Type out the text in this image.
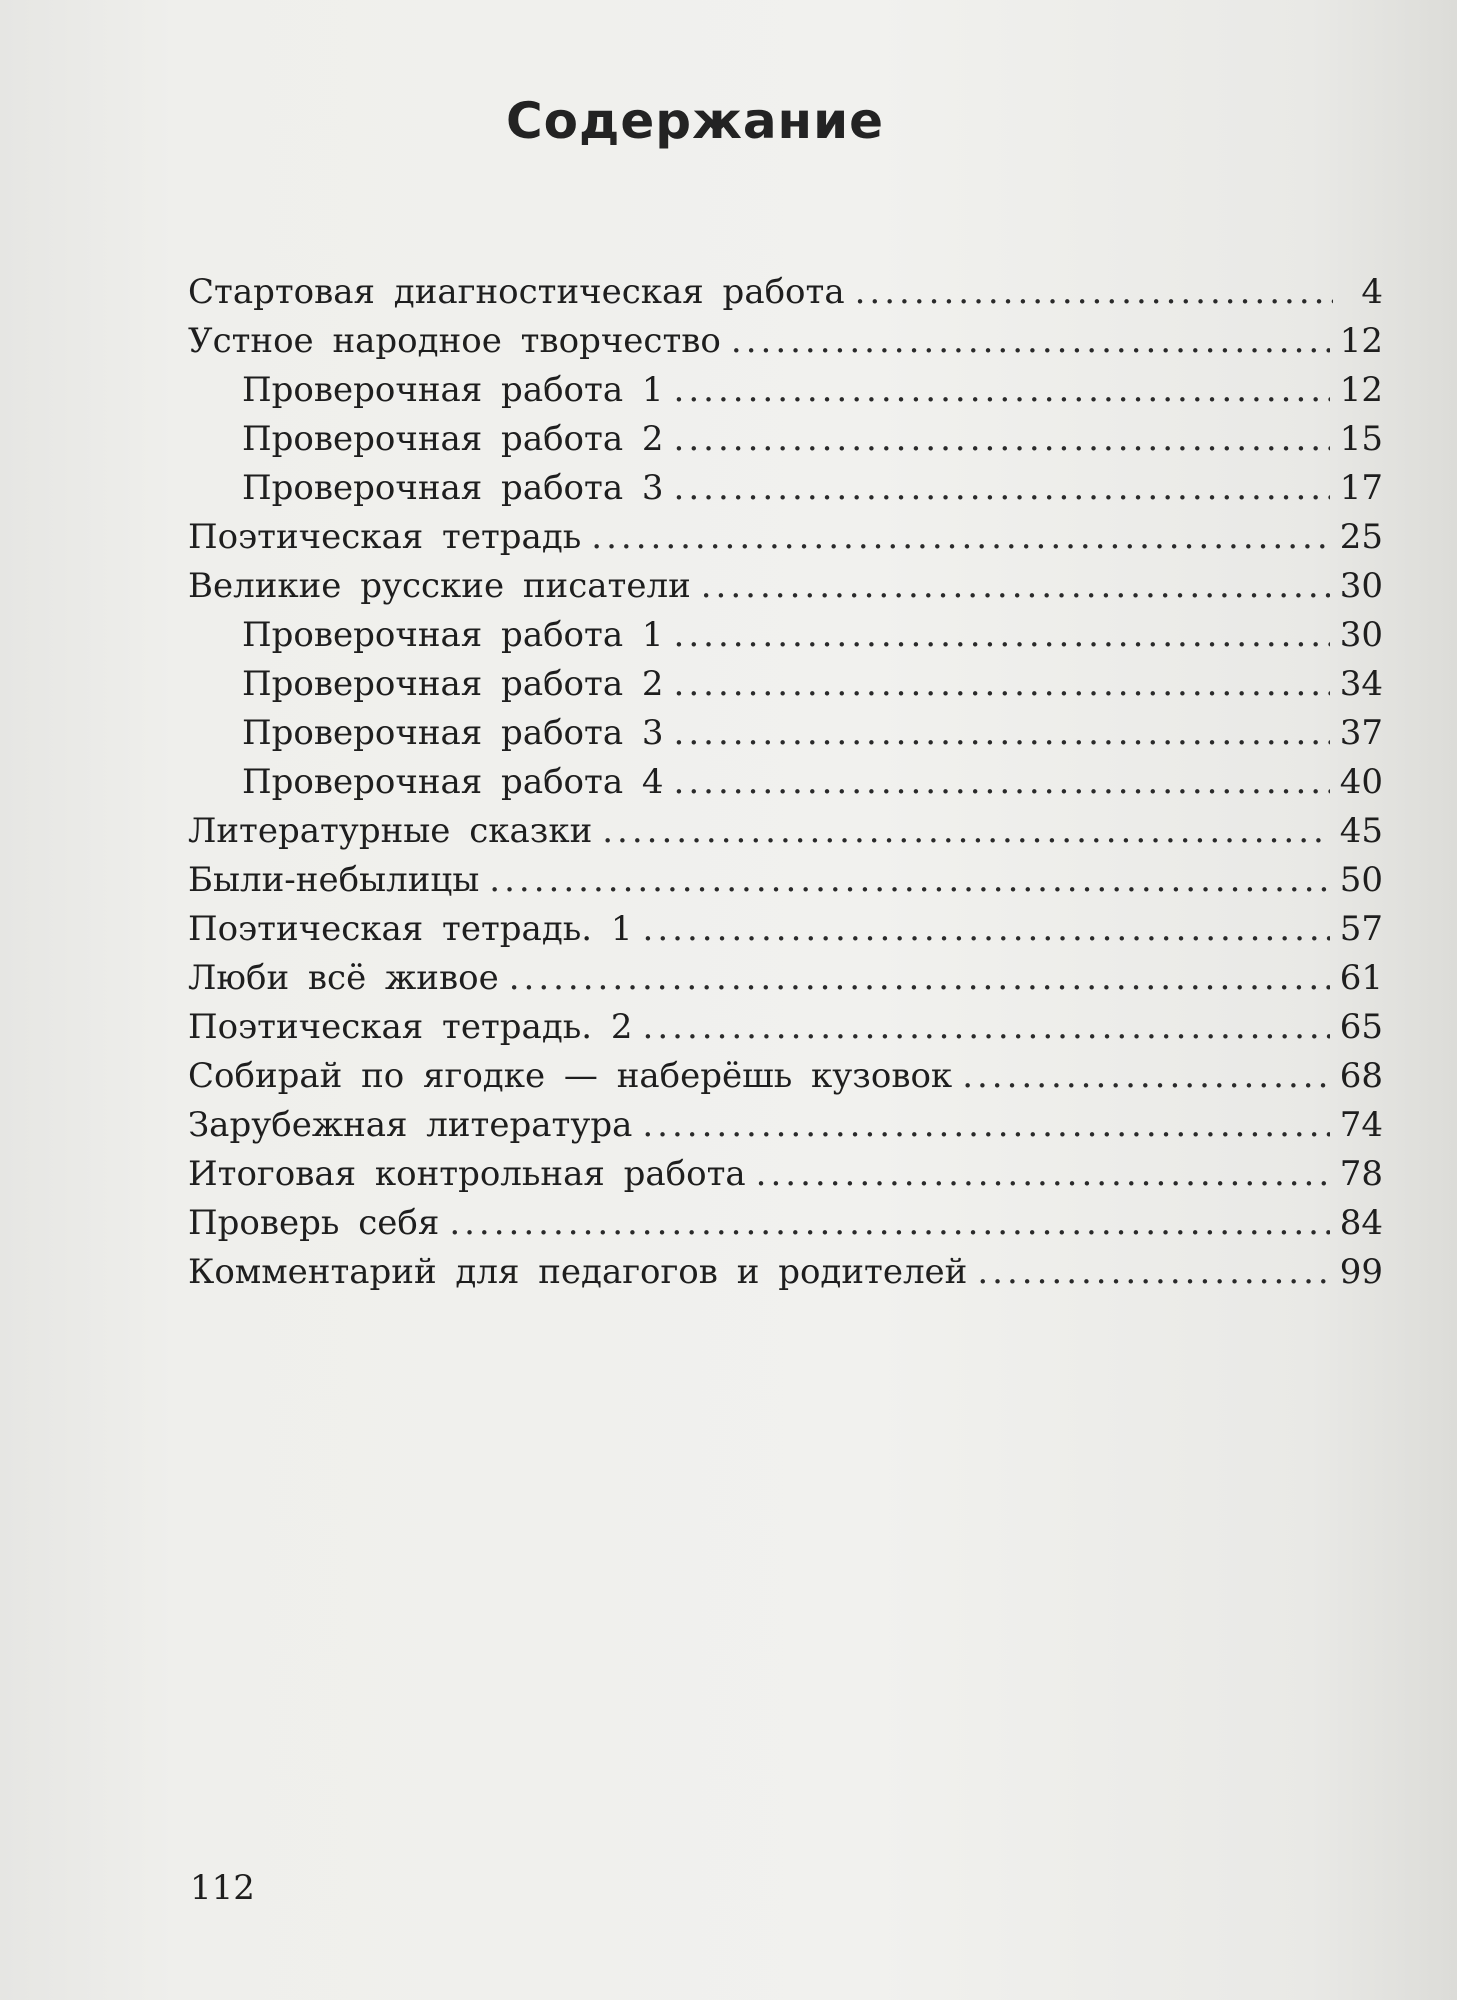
Содержание
Стартовая диагностическая работа .....	4
Устное народное творчество .....	12
Проверочная работа 1 .....	12
Проверочная работа 2 .....	15
Проверочная работа 3 .....	17
Поэтическая тетрадь .....	25
Великие русские писатели .....	30
Проверочная работа 1 .....	30
Проверочная работа 2 .....	34
Проверочная работа 3 .....	37
Проверочная работа 4 .....	40
Литературные сказки .....	45
Были-небылицы .....	50
Поэтическая тетрадь. 1 .....	57
Люби всё живое .....	61
Поэтическая тетрадь. 2 .....	65
Собирай по ягодке — наберёшь кузовок .....	68
Зарубежная литература .....	74
Итоговая контрольная работа .....	78
Проверь себя .....	84
Комментарий для педагогов и родителей .....	99
112
